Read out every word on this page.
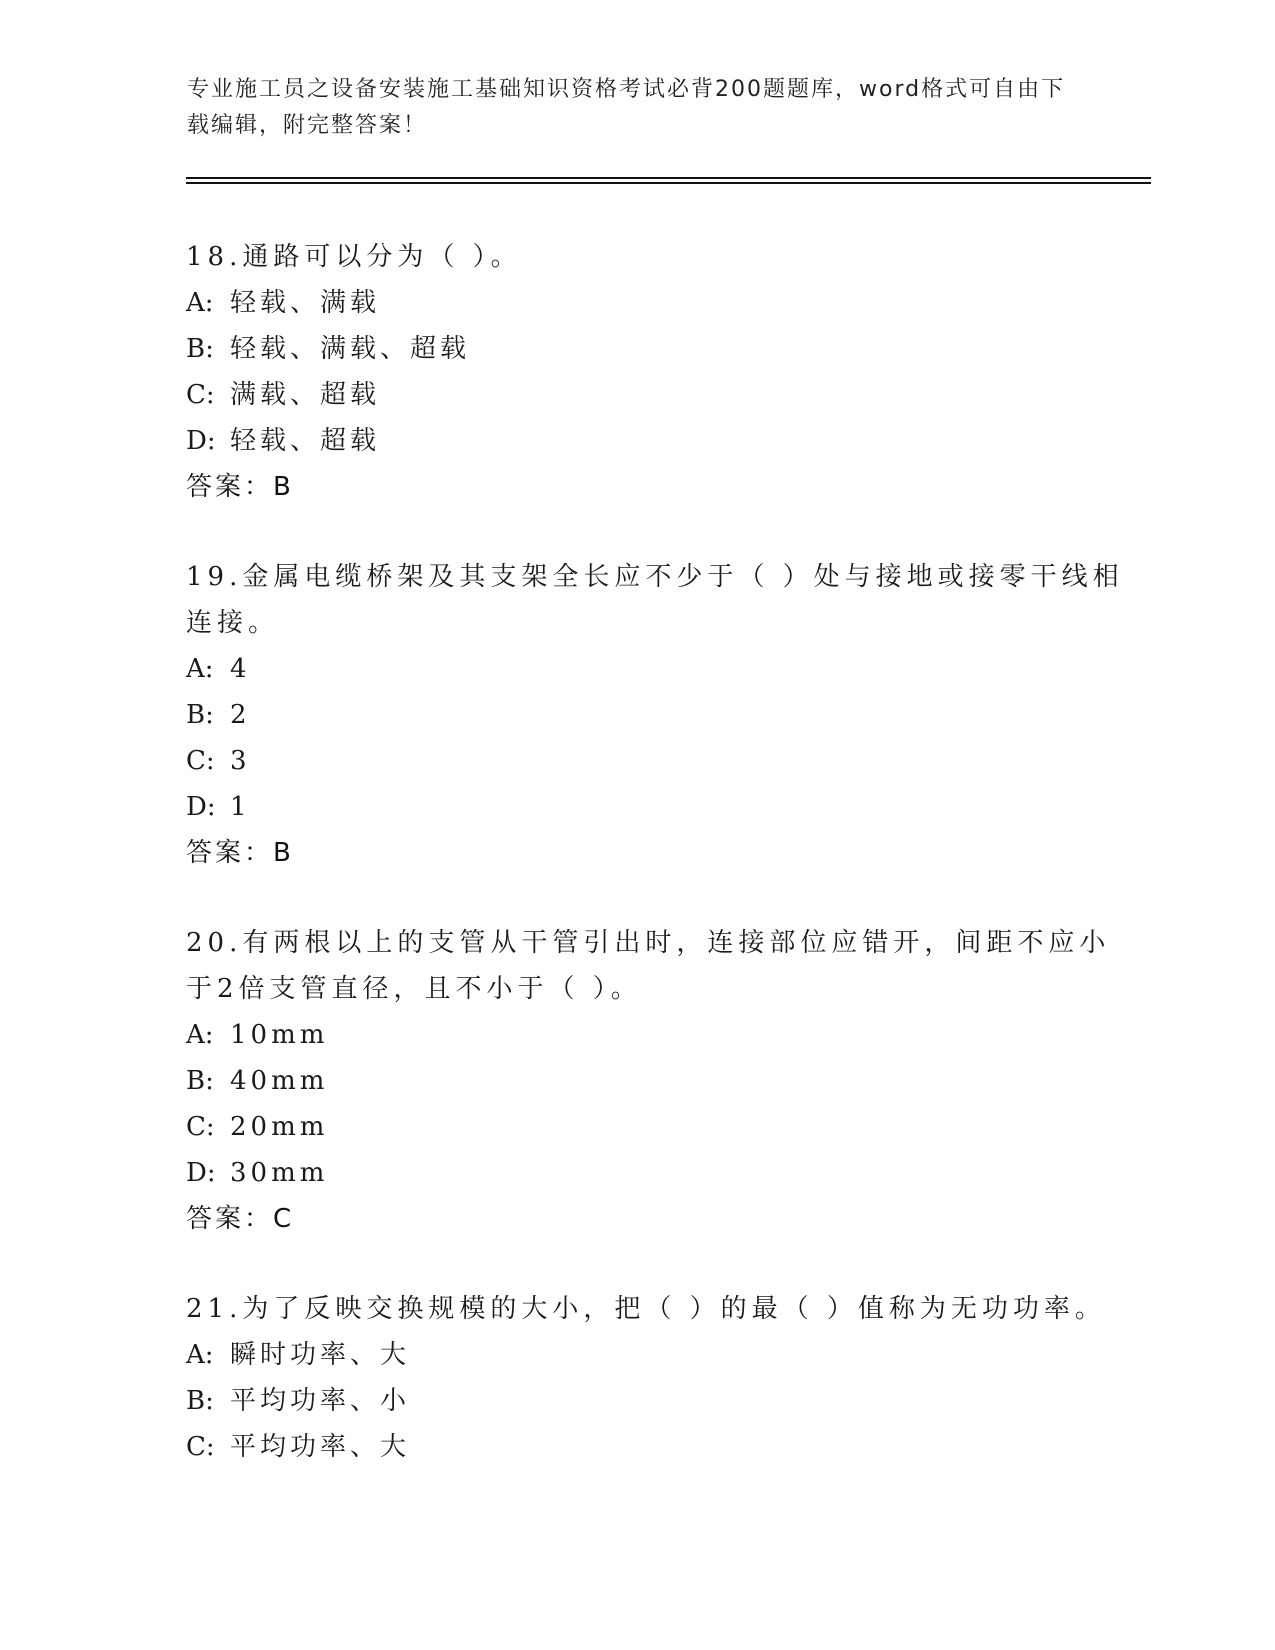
专业施工员之设备安装施工基础知识资格考试必背200题题库，word格式可自由下载编辑，附完整答案！

18.通路可以分为（ ）。

A: 轻载、满载

B: 轻载、满载、超载

C: 满载、超载

D: 轻载、超载

答案：B

19.金属电缆桥架及其支架全长应不少于（ ）处与接地或接零干线相连接。

A: 4

B: 2

C: 3

D: 1

答案：B

20.有两根以上的支管从干管引出时，连接部位应错开，间距不应小于2倍支管直径，且不小于（ ）。

A: 10mm

B: 40mm

C: 20mm

D: 30mm

答案：C

21.为了反映交换规模的大小，把（ ）的最（ ）值称为无功功率。

A: 瞬时功率、大

B: 平均功率、小

C: 平均功率、大
